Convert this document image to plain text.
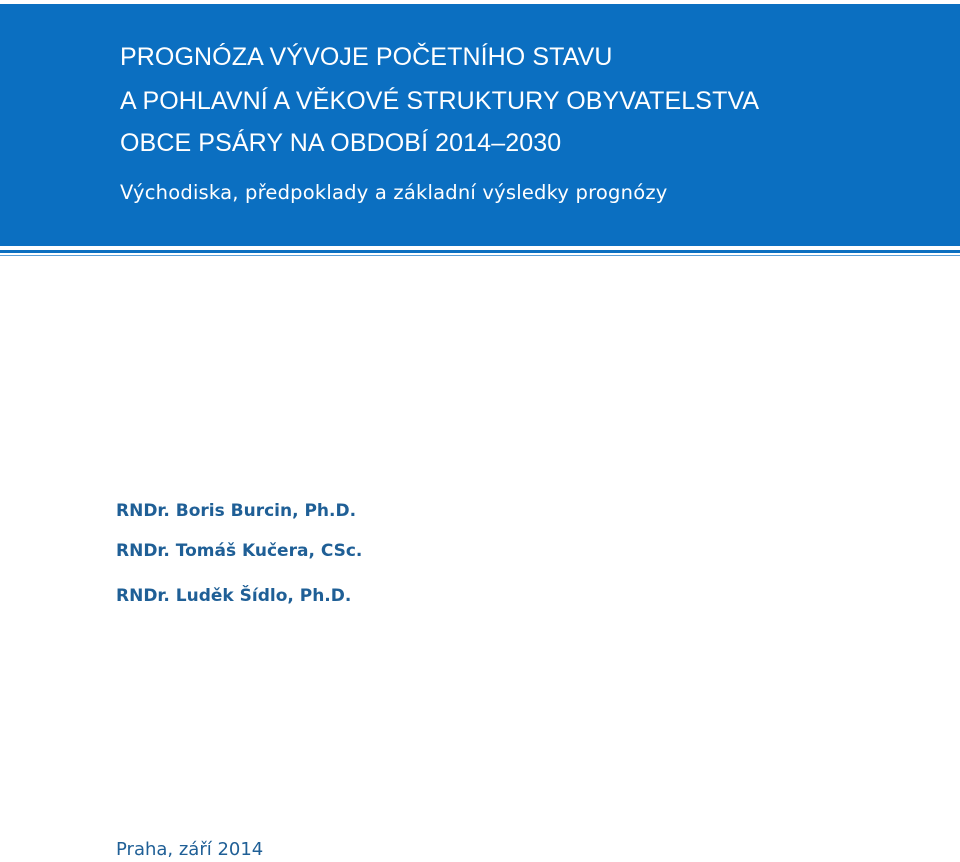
PROGNÓZA VÝVOJE POČETNÍHO STAVU
A POHLAVNÍ A VĚKOVÉ STRUKTURY OBYVATELSTVA
OBCE PSÁRY NA OBDOBÍ 2014–2030
Východiska, předpoklady a základní výsledky prognózy
RNDr. Boris Burcin, Ph.D.
RNDr. Tomáš Kučera, CSc.
RNDr. Luděk Šídlo, Ph.D.
Praha, září 2014
